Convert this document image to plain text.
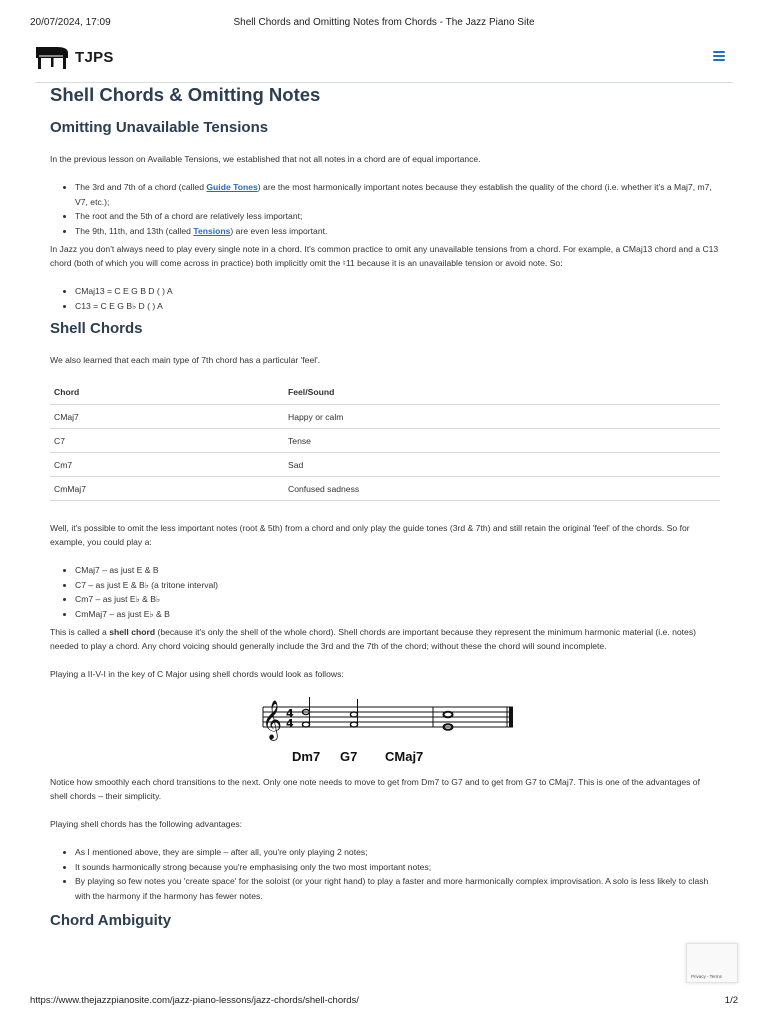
20/07/2024, 17:09	Shell Chords and Omitting Notes from Chords - The Jazz Piano Site
TJPS
Shell Chords & Omitting Notes
Omitting Unavailable Tensions

In the previous lesson on Available Tensions, we established that not all notes in a chord are of equal importance.

• The 3rd and 7th of a chord (called Guide Tones) are the most harmonically important notes because they establish the quality of the chord (i.e. whether it's a Maj7, m7, V7, etc.);
• The root and the 5th of a chord are relatively less important;
• The 9th, 11th, and 13th (called Tensions) are even less important.

In Jazz you don't always need to play every single note in a chord. It's common practice to omit any unavailable tensions from a chord. For example, a CMaj13 chord and a C13 chord (both of which you will come across in practice) both implicitly omit the ♮11 because it is an unavailable tension or avoid note. So:

• CMaj13 = C E G B D ( ) A
• C13 = C E G B♭ D ( ) A
Shell Chords

We also learned that each main type of 7th chord has a particular 'feel'.

Chord	Feel/Sound
CMaj7	Happy or calm
C7	Tense
Cm7	Sad
CmMaj7	Confused sadness

Well, it's possible to omit the less important notes (root & 5th) from a chord and only play the guide tones (3rd & 7th) and still retain the original 'feel' of the chords. So for example, you could play a:

• CMaj7 – as just E & B
• C7 – as just E & B♭ (a tritone interval)
• Cm7 – as just E♭ & B♭
• CmMaj7 – as just E♭ & B

This is called a shell chord (because it's only the shell of the whole chord). Shell chords are important because they represent the minimum harmonic material (i.e. notes) needed to play a chord. Any chord voicing should generally include the 3rd and the 7th of the chord; without these the chord will sound incomplete.

Playing a II-V-I in the key of C Major using shell chords would look as follows:

𝄞 4
4
Dm7 G7 CMaj7

Notice how smoothly each chord transitions to the next. Only one note needs to move to get from Dm7 to G7 and to get from G7 to CMaj7. This is one of the advantages of shell chords – their simplicity.

Playing shell chords has the following advantages:

• As I mentioned above, they are simple – after all, you're only playing 2 notes;
• It sounds harmonically strong because you're emphasising only the two most important notes;
• By playing so few notes you 'create space' for the soloist (or your right hand) to play a faster and more harmonically complex improvisation. A solo is less likely to clash with the harmony if the harmony has fewer notes.
Chord Ambiguity
Privacy - Terms
https://www.thejazzpianosite.com/jazz-piano-lessons/jazz-chords/shell-chords/	1/2
